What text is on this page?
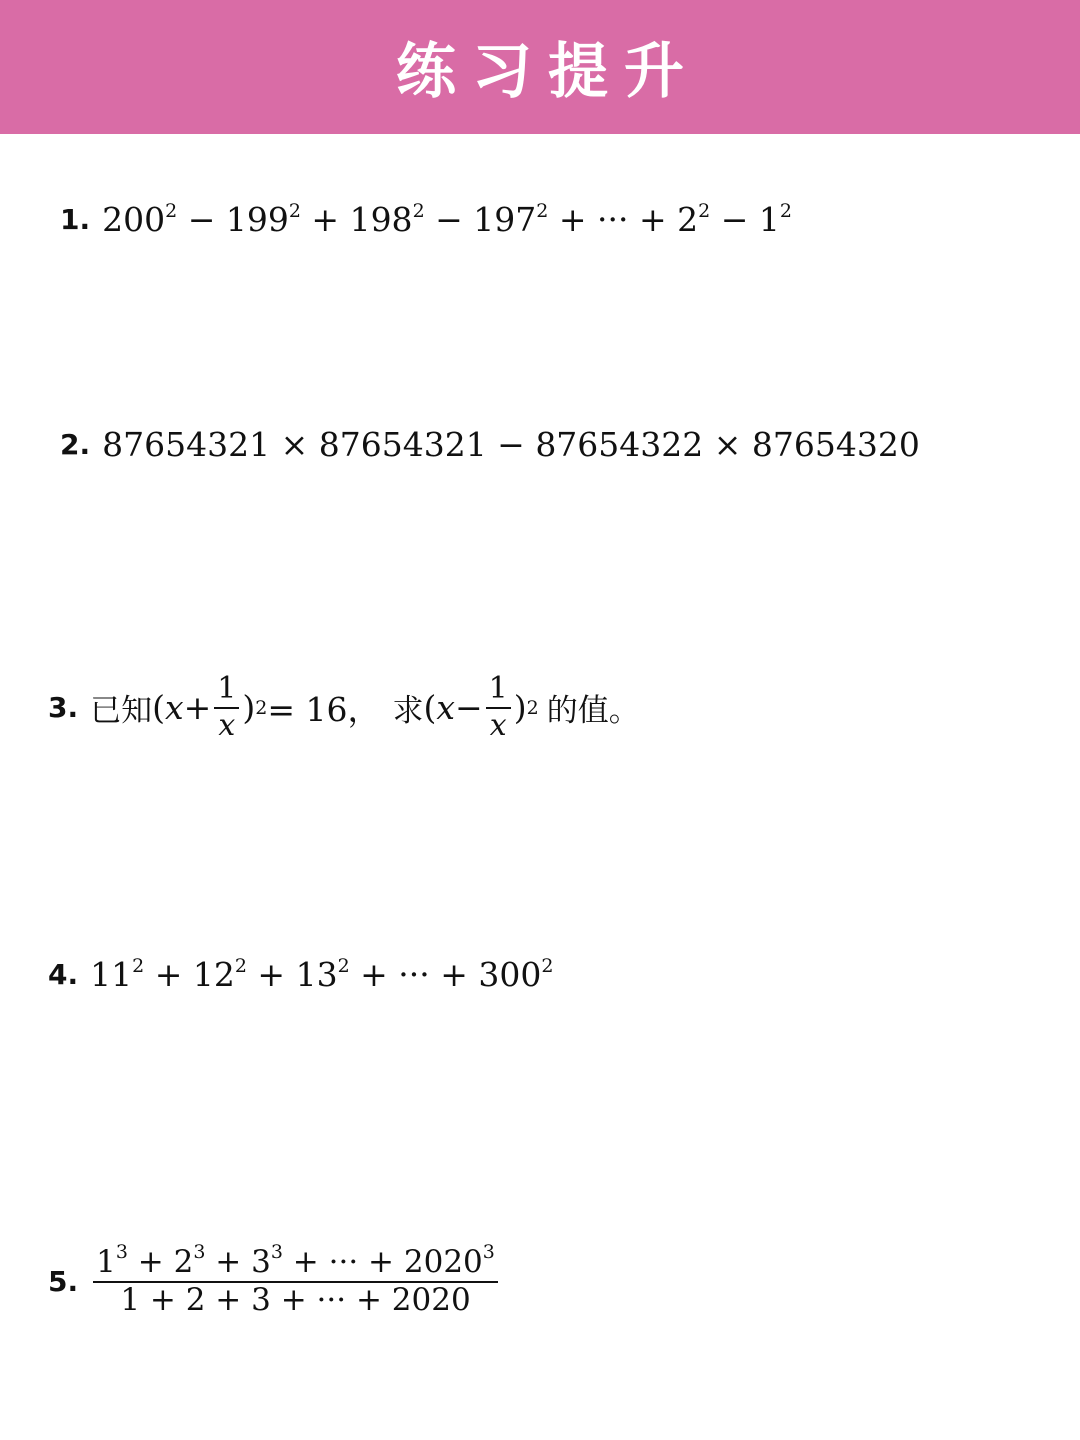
练习提升
1. $200^2 - 199^2 + 198^2 - 197^2$ + ··· + $2^2 - 1^2$
2. 87654321 × 87654321 − 87654322 × 87654320
3. 已知 ( $x + \frac{1}{x}$ ) 2 = 16， 求 ( $x - \frac{1}{x}$ ) 2 的值。
4. $11^2 + 12^2 + 13^2$ + ··· + $300^2$
5. $\frac{1^3 + 2^3 + 3^3 + \cdot\cdot\cdot + 2020^3}{1 + 2 + 3 + \cdot\cdot\cdot + 2020}$
